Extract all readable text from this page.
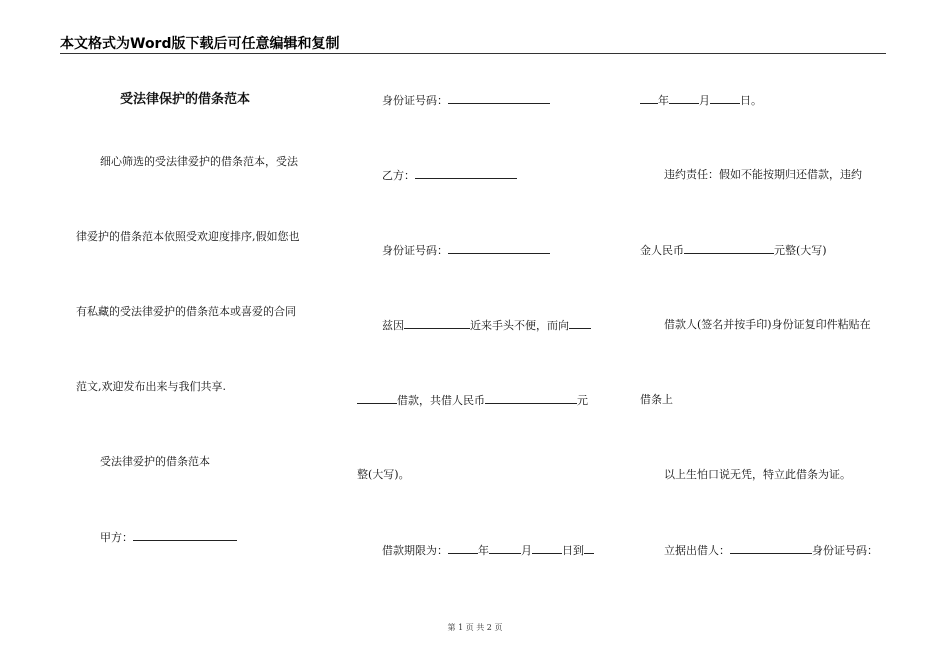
本文格式为Word版下载后可任意编辑和复制
受法律保护的借条范本
细心筛选的受法律爱护的借条范本，受法
律爱护的借条范本依照受欢迎度排序,假如您也
有私藏的受法律爱护的借条范本或喜爱的合同
范文,欢迎发布出来与我们共享.
受法律爱护的借条范本
甲方：
身份证号码：
乙方：
身份证号码：
兹因	近来手头不便，而向
借款，共借人民币	元
整(大写)。
借款期限为：	年	月	日到
年	月	日。
违约责任：假如不能按期归还借款，违约
金人民币	元整(大写)
借款人(签名并按手印)身份证复印件粘贴在
借条上
以上生怕口说无凭，特立此借条为证。
立据出借人：	身份证号码：
第 1 页 共 2 页
